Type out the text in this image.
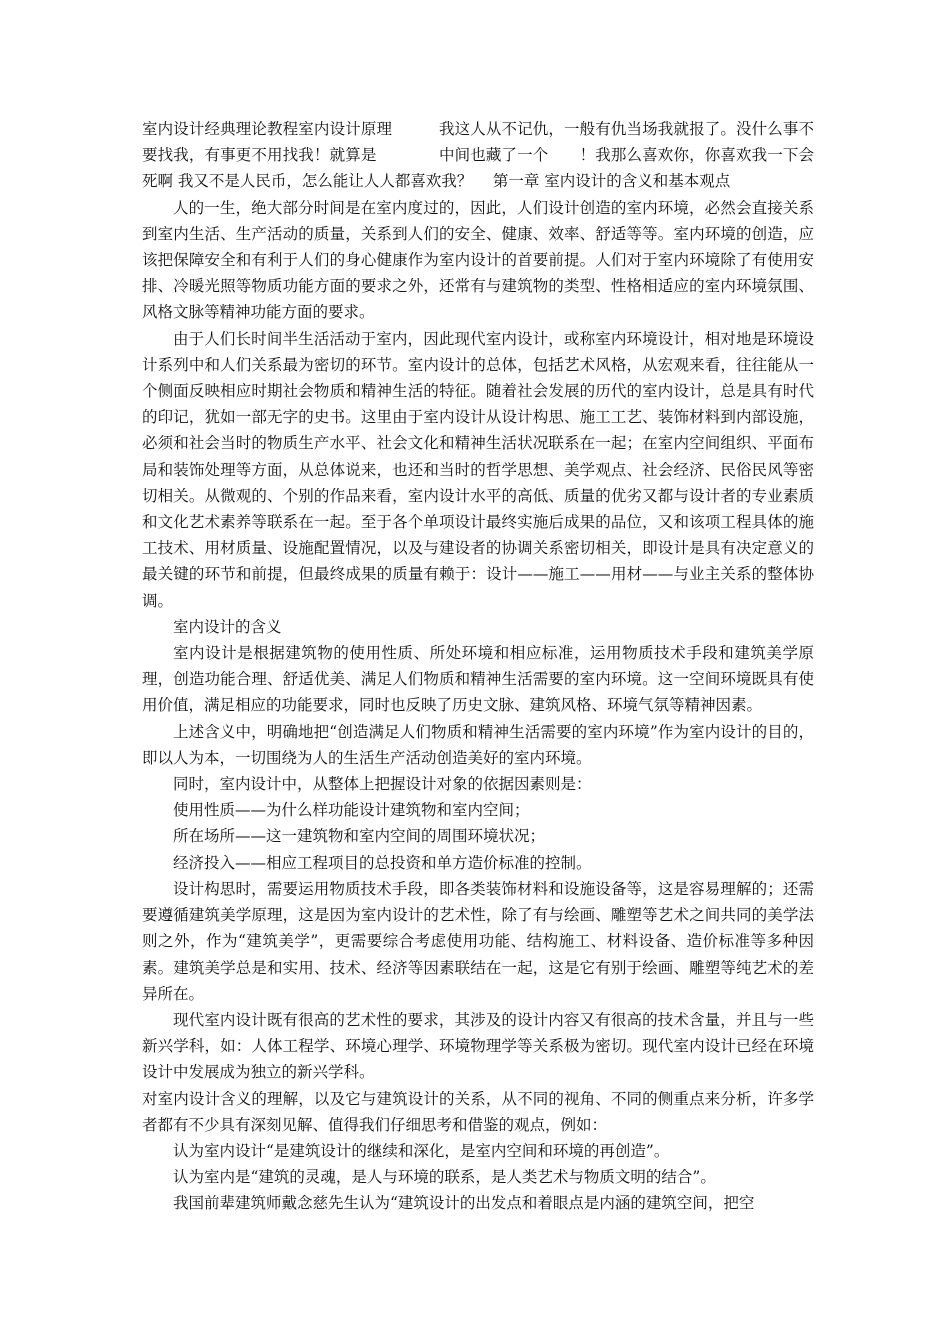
室内设计经典理论教程室内设计原理　　　我这人从不记仇，一般有仇当场我就报了。没什么事不要找我，有事更不用找我！就算是　　　　中间也藏了一个　　！我那么喜欢你，你喜欢我一下会死啊 我又不是人民币，怎么能让人人都喜欢我？　 第一章 室内设计的含义和基本观点

人的一生，绝大部分时间是在室内度过的，因此，人们设计创造的室内环境，必然会直接关系到室内生活、生产活动的质量，关系到人们的安全、健康、效率、舒适等等。室内环境的创造，应该把保障安全和有利于人们的身心健康作为室内设计的首要前提。人们对于室内环境除了有使用安排、冷暖光照等物质功能方面的要求之外，还常有与建筑物的类型、性格相适应的室内环境氛围、风格文脉等精神功能方面的要求。

由于人们长时间半生活活动于室内，因此现代室内设计，或称室内环境设计，相对地是环境设计系列中和人们关系最为密切的环节。室内设计的总体，包括艺术风格，从宏观来看，往往能从一个侧面反映相应时期社会物质和精神生活的特征。随着社会发展的历代的室内设计，总是具有时代的印记，犹如一部无字的史书。这里由于室内设计从设计构思、施工工艺、装饰材料到内部设施，必须和社会当时的物质生产水平、社会文化和精神生活状况联系在一起；在室内空间组织、平面布局和装饰处理等方面，从总体说来，也还和当时的哲学思想、美学观点、社会经济、民俗民风等密切相关。从微观的、个别的作品来看，室内设计水平的高低、质量的优劣又都与设计者的专业素质和文化艺术素养等联系在一起。至于各个单项设计最终实施后成果的品位，又和该项工程具体的施工技术、用材质量、设施配置情况，以及与建设者的协调关系密切相关，即设计是具有决定意义的最关键的环节和前提，但最终成果的质量有赖于：设计——施工——用材——与业主关系的整体协调。

室内设计的含义

室内设计是根据建筑物的使用性质、所处环境和相应标准，运用物质技术手段和建筑美学原理，创造功能合理、舒适优美、满足人们物质和精神生活需要的室内环境。这一空间环境既具有使用价值，满足相应的功能要求，同时也反映了历史文脉、建筑风格、环境气氛等精神因素。

上述含义中，明确地把“创造满足人们物质和精神生活需要的室内环境”作为室内设计的目的，即以人为本，一切围绕为人的生活生产活动创造美好的室内环境。

同时，室内设计中，从整体上把握设计对象的依据因素则是：

使用性质——为什么样功能设计建筑物和室内空间；

所在场所——这一建筑物和室内空间的周围环境状况；

经济投入——相应工程项目的总投资和单方造价标准的控制。

设计构思时，需要运用物质技术手段，即各类装饰材料和设施设备等，这是容易理解的；还需要遵循建筑美学原理，这是因为室内设计的艺术性，除了有与绘画、雕塑等艺术之间共同的美学法则之外，作为“建筑美学”，更需要综合考虑使用功能、结构施工、材料设备、造价标准等多种因素。建筑美学总是和实用、技术、经济等因素联结在一起，这是它有别于绘画、雕塑等纯艺术的差异所在。

现代室内设计既有很高的艺术性的要求，其涉及的设计内容又有很高的技术含量，并且与一些新兴学科，如：人体工程学、环境心理学、环境物理学等关系极为密切。现代室内设计已经在环境设计中发展成为独立的新兴学科。

对室内设计含义的理解，以及它与建筑设计的关系，从不同的视角、不同的侧重点来分析，许多学者都有不少具有深刻见解、值得我们仔细思考和借鉴的观点，例如：

认为室内设计“是建筑设计的继续和深化，是室内空间和环境的再创造”。

认为室内是“建筑的灵魂，是人与环境的联系，是人类艺术与物质文明的结合”。

我国前辈建筑师戴念慈先生认为“建筑设计的出发点和着眼点是内涵的建筑空间，把空
